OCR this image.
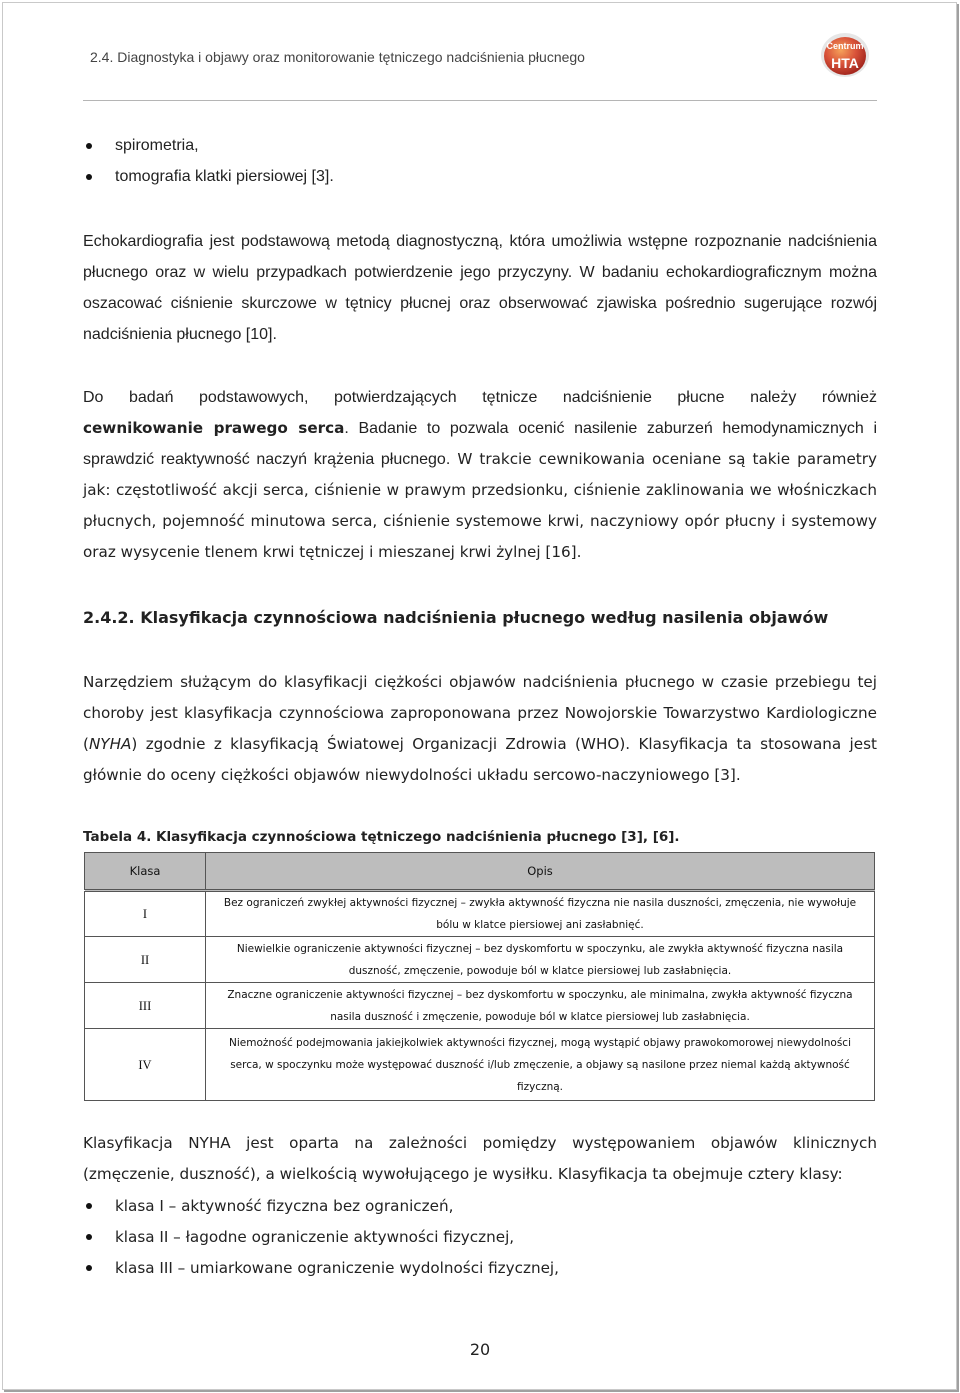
2.4. Diagnostyka i objawy oraz monitorowanie tętniczego nadciśnienia płucnego
Centrum
HTA
spirometria,
tomografia klatki piersiowej [3].

Echokardiografia jest podstawową metodą diagnostyczną, która umożliwia wstępne rozpoznanie nadciśnienia płucnego oraz w wielu przypadkach potwierdzenie jego przyczyny. W badaniu echokardiograficznym można oszacować ciśnienie skurczowe w tętnicy płucnej oraz obserwować zjawiska pośrednio sugerujące rozwój nadciśnienia płucnego [10].

Do badań podstawowych, potwierdzających tętnicze nadciśnienie płucne należy również

cewnikowanie prawego serca. Badanie to pozwala ocenić nasilenie zaburzeń hemodynamicznych i sprawdzić reaktywność naczyń krążenia płucnego. W trakcie cewnikowania oceniane są takie parametry jak: częstotliwość akcji serca, ciśnienie w prawym przedsionku, ciśnienie zaklinowania we włośniczkach płucnych, pojemność minutowa serca, ciśnienie systemowe krwi, naczyniowy opór płucny i systemowy oraz wysycenie tlenem krwi tętniczej i mieszanej krwi żylnej [16].

2.4.2. Klasyfikacja czynnościowa nadciśnienia płucnego według nasilenia objawów

Narzędziem służącym do klasyfikacji ciężkości objawów nadciśnienia płucnego w czasie przebiegu tej choroby jest klasyfikacja czynnościowa zaproponowana przez Nowojorskie Towarzystwo Kardiologiczne (NYHA) zgodnie z klasyfikacją Światowej Organizacji Zdrowia (WHO). Klasyfikacja ta stosowana jest głównie do oceny ciężkości objawów niewydolności układu sercowo-naczyniowego [3].

Tabela 4. Klasyfikacja czynnościowa tętniczego nadciśnienia płucnego [3], [6].
Klasa	Opis
I	Bez ograniczeń zwykłej aktywności fizycznej – zwykła aktywność fizyczna nie nasila duszności, zmęczenia, nie wywołuje bólu w klatce piersiowej ani zasłabnięć.
II	Niewielkie ograniczenie aktywności fizycznej – bez dyskomfortu w spoczynku, ale zwykła aktywność fizyczna nasila duszność, zmęczenie, powoduje ból w klatce piersiowej lub zasłabnięcia.
III	Znaczne ograniczenie aktywności fizycznej – bez dyskomfortu w spoczynku, ale minimalna, zwykła aktywność fizyczna nasila duszność i zmęczenie, powoduje ból w klatce piersiowej lub zasłabnięcia.
IV	Niemożność podejmowania jakiejkolwiek aktywności fizycznej, mogą wystąpić objawy prawokomorowej niewydolności serca, w spoczynku może występować duszność i/lub zmęczenie, a objawy są nasilone przez niemal każdą aktywność fizyczną.

Klasyfikacja NYHA jest oparta na zależności pomiędzy występowaniem objawów klinicznych (zmęczenie, duszność), a wielkością wywołującego je wysiłku. Klasyfikacja ta obejmuje cztery klasy:

klasa I – aktywność fizyczna bez ograniczeń,
klasa II – łagodne ograniczenie aktywności fizycznej,
klasa III – umiarkowane ograniczenie wydolności fizycznej,
20
